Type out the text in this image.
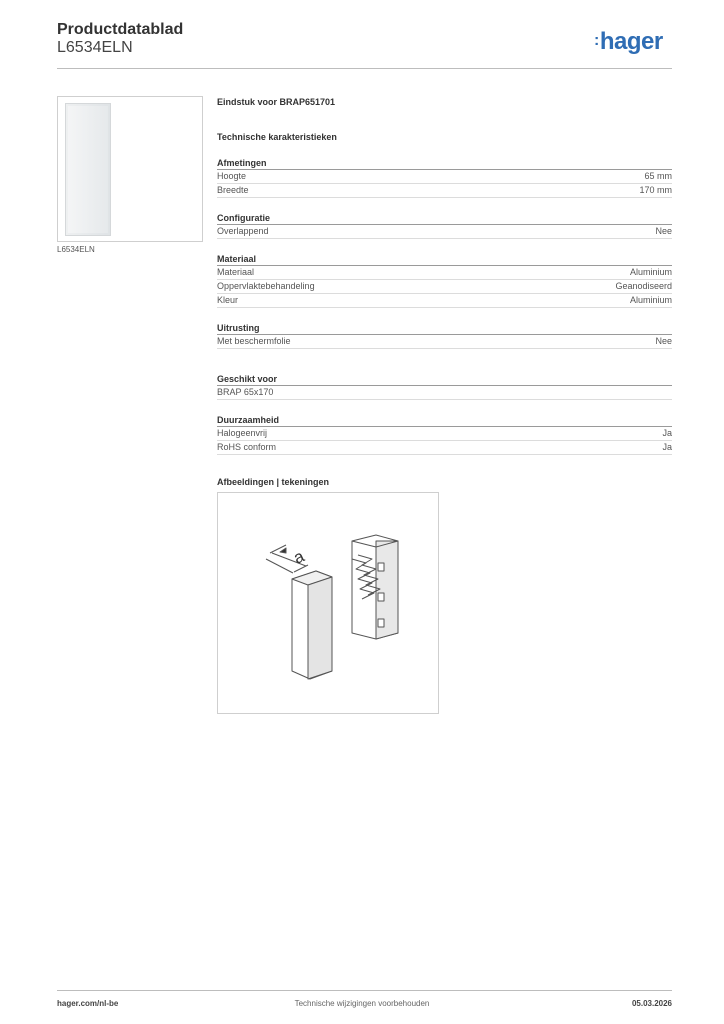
Productdatablad
L6534ELN	:hager
L6534ELN
Eindstuk voor BRAP651701
Technische karakteristieken
Afmetingen
Hoogte	65 mm
Breedte	170 mm
Configuratie
Overlappend	Nee
Materiaal
Materiaal	Aluminium
Oppervlaktebehandeling	Geanodiseerd
Kleur	Aluminium
Uitrusting
Met beschermfolie	Nee
Geschikt voor
BRAP 65x170
Duurzaamheid
Halogeenvrij	Ja
RoHS conform	Ja
Afbeeldingen | tekeningen
a
hager.com/nl-be	Technische wijzigingen voorbehouden	05.03.2026
